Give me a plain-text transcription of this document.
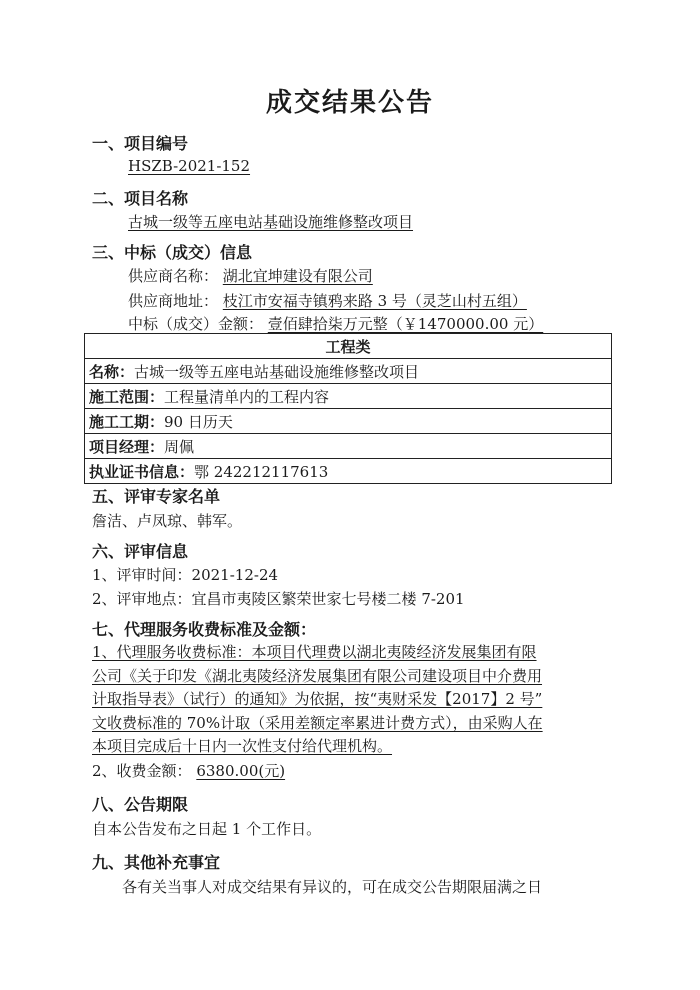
成交结果公告
一、项目编号
HSZB-2021-152
二、项目名称
古城一级等五座电站基础设施维修整改项目
三、中标（成交）信息
供应商名称： 湖北宜坤建设有限公司
供应商地址： 枝江市安福寺镇鸦来路 3 号（灵芝山村五组）
中标（成交）金额： 壹佰肆拾柒万元整（￥1470000.00 元）
工程类
名称：古城一级等五座电站基础设施维修整改项目
施工范围：工程量清单内的工程内容
施工工期：90 日历天
项目经理：周佩
执业证书信息：鄂 242212117613
五、评审专家名单
詹洁、卢凤琼、韩军。
六、评审信息
1、评审时间：2021-12-24
2、评审地点：宜昌市夷陵区繁荣世家七号楼二楼 7-201
七、代理服务收费标准及金额：
1、代理服务收费标准：本项目代理费以湖北夷陵经济发展集团有限
公司《关于印发《湖北夷陵经济发展集团有限公司建设项目中介费用
计取指导表》（试行）的通知》为依据，按“夷财采发【2017】2 号”
文收费标准的 70%计取（采用差额定率累进计费方式），由采购人在
本项目完成后十日内一次性支付给代理机构。
2、收费金额： 6380.00(元)
八、公告期限
自本公告发布之日起 1 个工作日。
九、其他补充事宜
各有关当事人对成交结果有异议的，可在成交公告期限届满之日
